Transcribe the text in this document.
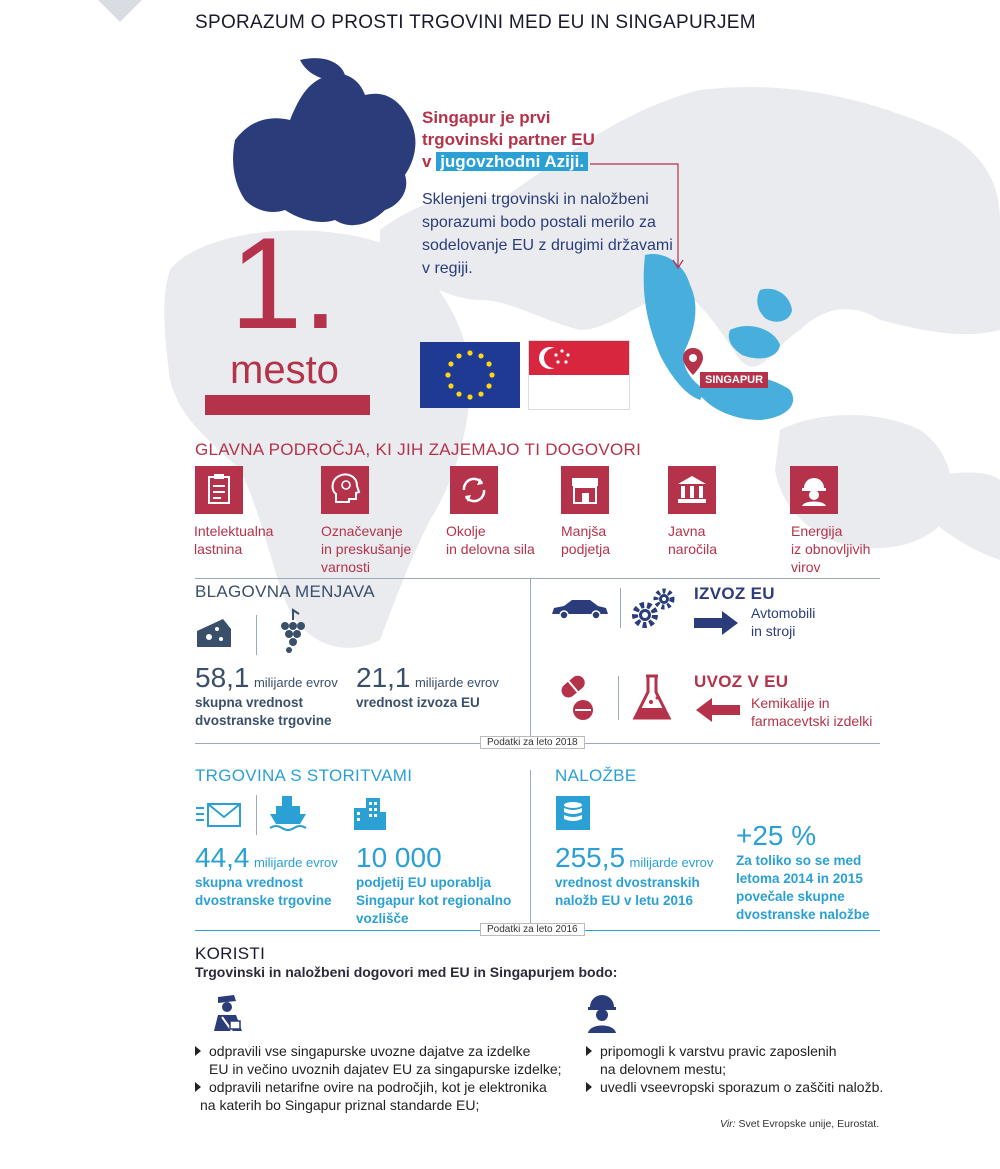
SPORAZUM O PROSTI TRGOVINI MED EU IN SINGAPURJEM
Singapur je prvi
trgovinski partner EU
v jugovzhodni Aziji.
Sklenjeni trgovinski in naložbeni sporazumi bodo postali merilo za sodelovanje EU z drugimi državami v regiji.
1.
mesto	SINGAPUR
GLAVNA PODROČJA, KI JIH ZAJEMAJO TI DOGOVORI
Intelektualna
lastnina
Označevanje
in preskušanje
varnosti
Okolje
in delovna sila
Manjša
podjetja
Javna
naročila
Energija
iz obnovljivih
virov
BLAGOVNA MENJAVA
58,1 milijarde evrov
skupna vrednost
dvostranske trgovine
21,1 milijarde evrov
vrednost izvoza EU
IZVOZ EU
Avtomobili
in stroji
UVOZ V EU
Kemikalije in
farmacevtski izdelki
Podatki za leto 2018
TRGOVINA S STORITVAMI
44,4 milijarde evrov
skupna vrednost
dvostranske trgovine
10 000
podjetij EU uporablja
Singapur kot regionalno
vozlišče
NALOŽBE
255,5 milijarde evrov
vrednost dvostranskih
naložb EU v letu 2016
+25 %
Za toliko so se med
letoma 2014 in 2015
povečale skupne
dvostranske naložbe
Podatki za leto 2016
KORISTI
Trgovinski in naložbeni dogovori med EU in Singapurjem bodo:
odpravili vse singapurske uvozne dajatve za izdelke
EU in večino uvoznih dajatev EU za singapurske izdelke;
odpravili netarifne ovire na področjih, kot je elektronika
na katerih bo Singapur priznal standarde EU;
pripomogli k varstvu pravic zaposlenih
na delovnem mestu;
uvedli vseevropski sporazum o zaščiti naložb.
Vir: Svet Evropske unije, Eurostat.
